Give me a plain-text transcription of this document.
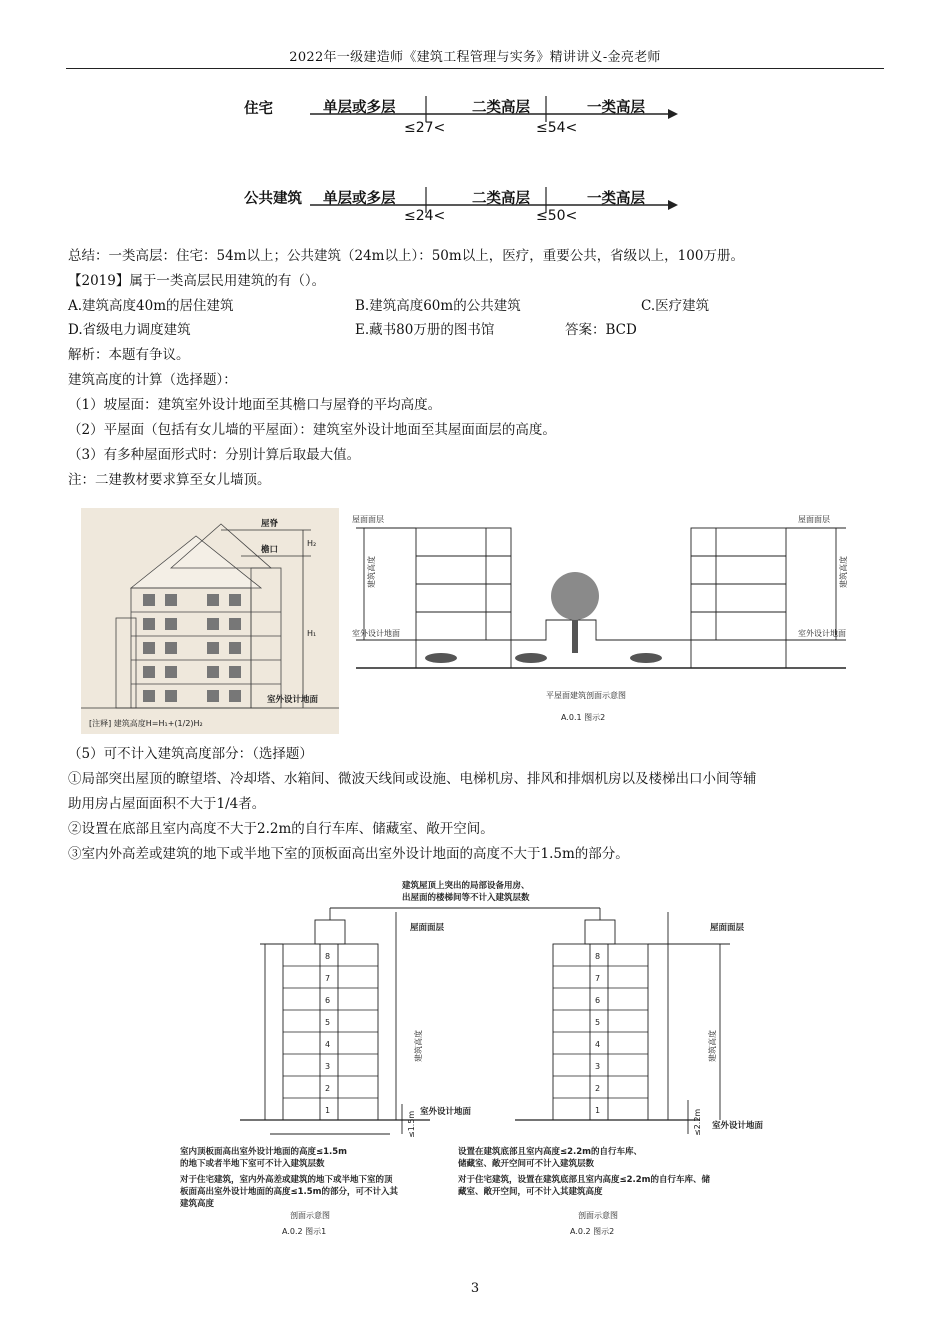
2022年一级建造师《建筑工程管理与实务》精讲讲义-金亮老师
住宅	单层或多层	二类高层	一类高层
≤27<	≤54<
公共建筑 单层或多层	二类高层	一类高层
≤24<	≤50<
总结：一类高层：住宅：54m以上；公共建筑（24m以上）：50m以上，医疗，重要公共，省级以上，100万册。
【2019】属于一类高层民用建筑的有（）。
A.建筑高度40m的居住建筑	B.建筑高度60m的公共建筑	C.医疗建筑
D.省级电力调度建筑	E.藏书80万册的图书馆	答案：BCD
解析：本题有争议。
建筑高度的计算（选择题）：
（1）坡屋面：建筑室外设计地面至其檐口与屋脊的平均高度。
（2）平屋面（包括有女儿墙的平屋面）：建筑室外设计地面至其屋面面层的高度。
（3）有多种屋面形式时：分别计算后取最大值。
注：二建教材要求算至女儿墙顶。
屋脊
檐口
H₂
H₁
室外设计地面
[注释] 建筑高度H=H₁+(1/2)H₂
屋面面层	屋面面层
建筑高度	建筑高度
室外设计地面	室外设计地面
平屋面建筑剖面示意图
A.0.1 图示2
（5）可不计入建筑高度部分：（选择题）
①局部突出屋顶的瞭望塔、冷却塔、水箱间、微波天线间或设施、电梯机房、排风和排烟机房以及楼梯出口小间等辅
助用房占屋面面积不大于1/4者。
②设置在底部且室内高度不大于2.2m的自行车库、储藏室、敞开空间。
③室内外高差或建筑的地下或半地下室的顶板面高出室外设计地面的高度不大于1.5m的部分。
8
7
6
5
4
3
2
1
8
7
6
5
4
3
2
1
建筑屋顶上突出的局部设备用房、
出屋面的楼梯间等不计入建筑层数
屋面面层	屋面面层
建筑高度	建筑高度
室外设计地面
室外设计地面
≤1.5m	≤2.2m
室内顶板面高出室外设计地面的高度≤1.5m
的地下或者半地下室可不计入建筑层数
对于住宅建筑，室内外高差或建筑的地下或半地下室的顶
板面高出室外设计地面的高度≤1.5m的部分，可不计入其
建筑高度
设置在建筑底部且室内高度≤2.2m的自行车库、
储藏室、敞开空间可不计入建筑层数
对于住宅建筑，设置在建筑底部且室内高度≤2.2m的自行车库、储
藏室、敞开空间，可不计入其建筑高度
剖面示意图
A.0.2 图示1
剖面示意图
A.0.2 图示2
3
